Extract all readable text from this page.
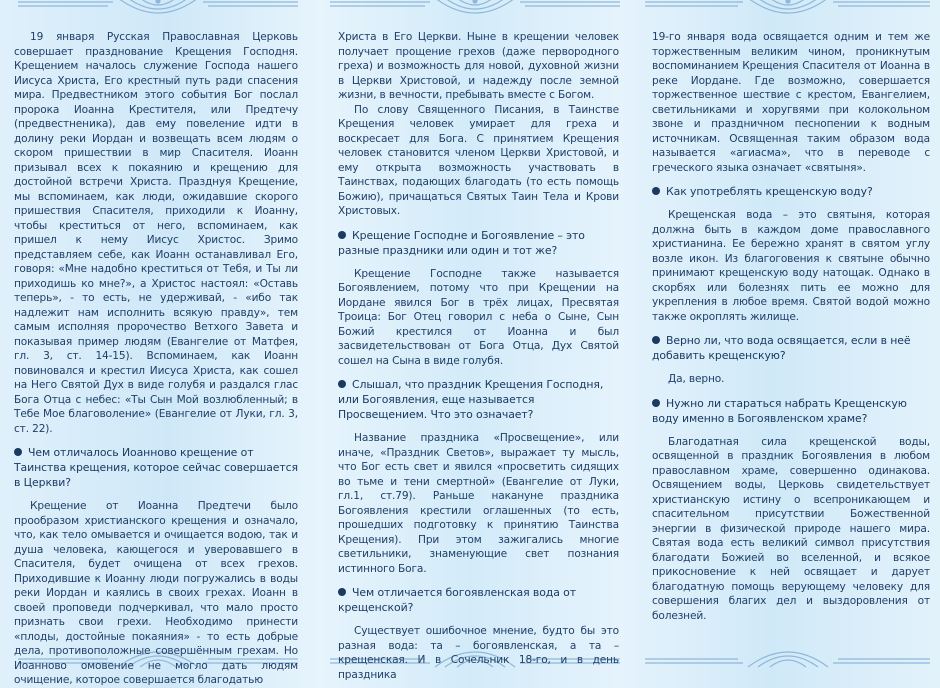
19 января Русская Православная Церковь совершает празднование Крещения Господня. Крещением началось служение Господа нашего Иисуса Христа, Его крестный путь ради спасения мира. Предвестником этого события Бог послал пророка Иоанна Крестителя, или Предтечу (предвестненика), дав ему повеление идти в долину реки Иордан и возвещать всем людям о скором пришествии в мир Спасителя. Иоанн призывал всех к покаянию и крещению для достойной встречи Христа. Празднуя Крещение, мы вспоминаем, как люди, ожидавшие скорого пришествия Спасителя, приходили к Иоанну, чтобы креститься от него, вспоминаем, как пришел к нему Иисус Христос. Зримо представляем себе, как Иоанн останавливал Его, говоря: «Мне надобно креститься от Тебя, и Ты ли приходишь ко мне?», а Христос настоял: «Оставь теперь», - то есть, не удерживай, - «ибо так надлежит нам исполнить всякую правду», тем самым исполняя пророчество Ветхого Завета и показывая пример людям (Евангелие от Матфея, гл. 3, ст. 14-15). Вспоминаем, как Иоанн повиновался и крестил Иисуса Христа, как сошел на Него Святой Дух в виде голубя и раздался глас Бога Отца с небес: «Ты Сын Мой возлюбленный; в Тебе Мое благоволение» (Евангелие от Луки, гл. 3, ст. 22).

Чем отличалось Иоанново крещение от Таинства крещения, которое сейчас совершается в Церкви?

Крещение от Иоанна Предтечи было прообразом христианского крещения и означало, что, как тело омывается и очищается водою, так и душа человека, кающегося и уверовавшего в Спасителя, будет очищена от всех грехов. Приходившие к Иоанну люди погружались в воды реки Иордан и каялись в своих грехах. Иоанн в своей проповеди подчеркивал, что мало просто признать свои грехи. Необходимо принести «плоды, достойные покаяния» - то есть добрые дела, противоположные совершённым грехам. Но Иоанново омовение не могло дать людям очищение, которое совершается благодатью

Христа в Его Церкви. Ныне в крещении человек получает прощение грехов (даже первородного греха) и возможность для новой, духовной жизни в Церкви Христовой, и надежду после земной жизни, в вечности, пребывать вместе с Богом.

По слову Священного Писания, в Таинстве Крещения человек умирает для греха и воскресает для Бога. С принятием Крещения человек становится членом Церкви Христовой, и ему открыта возможность участвовать в Таинствах, подающих благодать (то есть помощь Божию), причащаться Святых Таин Тела и Крови Христовых.

Крещение Господне и Богоявление – это разные праздники или один и тот же?

Крещение Господне также называется Богоявлением, потому что при Крещении на Иордане явился Бог в трёх лицах, Пресвятая Троица: Бог Отец говорил с неба о Сыне, Сын Божий крестился от Иоанна и был засвидетельствован от Бога Отца, Дух Святой сошел на Сына в виде голубя.

Слышал, что праздник Крещения Господня, или Богоявления, еще называется Просвещением. Что это означает?

Название праздника «Просвещение», или иначе, «Праздник Светов», выражает ту мысль, что Бог есть свет и явился «просветить сидящих во тьме и тени смертной» (Евангелие от Луки, гл.1, ст.79). Раньше накануне праздника Богоявления крестили оглашенных (то есть, прошедших подготовку к принятию Таинства Крещения). При этом зажигались многие светильники, знаменующие свет познания истинного Бога.

Чем отличается богоявленская вода от крещенской?

Существует ошибочное мнение, будто бы это разная вода: та – богоявленская, а та – крещенская. И в Сочельник 18-го, и в день праздника

19-го января вода освящается одним и тем же торжественным великим чином, проникнутым воспоминанием Крещения Спасителя от Иоанна в реке Иордане. Где возможно, совершается торжественное шествие с крестом, Евангелием, светильниками и хоругвями при колокольном звоне и праздничном песнопении к водным источникам. Освященная таким образом вода называется «агиасма», что в переводе с греческого языка означает «святыня».

Как употреблять крещенскую воду?

Крещенская вода – это святыня, которая должна быть в каждом доме православного христианина. Ее бережно хранят в святом углу возле икон. Из благоговения к святыне обычно принимают крещенскую воду натощак. Однако в скорбях или болезнях пить ее можно для укрепления в любое время. Святой водой можно также окроплять жилище.

Верно ли, что вода освящается, если в неё добавить крещенскую?

Да, верно.

Нужно ли стараться набрать Крещенскую воду именно в Богоявленском храме?

Благодатная сила крещенской воды, освященной в праздник Богоявления в любом православном храме, совершенно одинакова. Освящением воды, Церковь свидетельствует христианскую истину о всепроникающем и спасительном присутствии Божественной энергии в физической природе нашего мира. Святая вода есть великий символ присутствия благодати Божией во вселенной, и всякое прикосновение к ней освящает и дарует благодатную помощь верующему человеку для совершения благих дел и выздоровления от болезней.
